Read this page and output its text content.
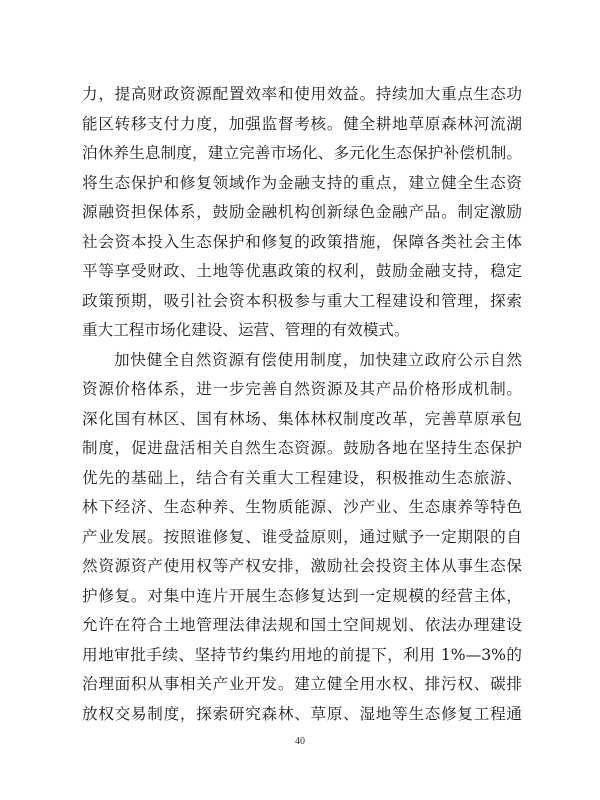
力，提高财政资源配置效率和使用效益。持续加大重点生态功
能区转移支付力度，加强监督考核。健全耕地草原森林河流湖
泊休养生息制度，建立完善市场化、多元化生态保护补偿机制。
将生态保护和修复领域作为金融支持的重点，建立健全生态资
源融资担保体系，鼓励金融机构创新绿色金融产品。制定激励
社会资本投入生态保护和修复的政策措施，保障各类社会主体
平等享受财政、土地等优惠政策的权利，鼓励金融支持，稳定
政策预期，吸引社会资本积极参与重大工程建设和管理，探索
重大工程市场化建设、运营、管理的有效模式。
加快健全自然资源有偿使用制度，加快建立政府公示自然
资源价格体系，进一步完善自然资源及其产品价格形成机制。
深化国有林区、国有林场、集体林权制度改革，完善草原承包
制度，促进盘活相关自然生态资源。鼓励各地在坚持生态保护
优先的基础上，结合有关重大工程建设，积极推动生态旅游、
林下经济、生态种养、生物质能源、沙产业、生态康养等特色
产业发展。按照谁修复、谁受益原则，通过赋予一定期限的自
然资源资产使用权等产权安排，激励社会投资主体从事生态保
护修复。对集中连片开展生态修复达到一定规模的经营主体，
允许在符合土地管理法律法规和国土空间规划、依法办理建设
用地审批手续、坚持节约集约用地的前提下，利用 1%—3%的
治理面积从事相关产业开发。建立健全用水权、排污权、碳排
放权交易制度，探索研究森林、草原、湿地等生态修复工程通
40
